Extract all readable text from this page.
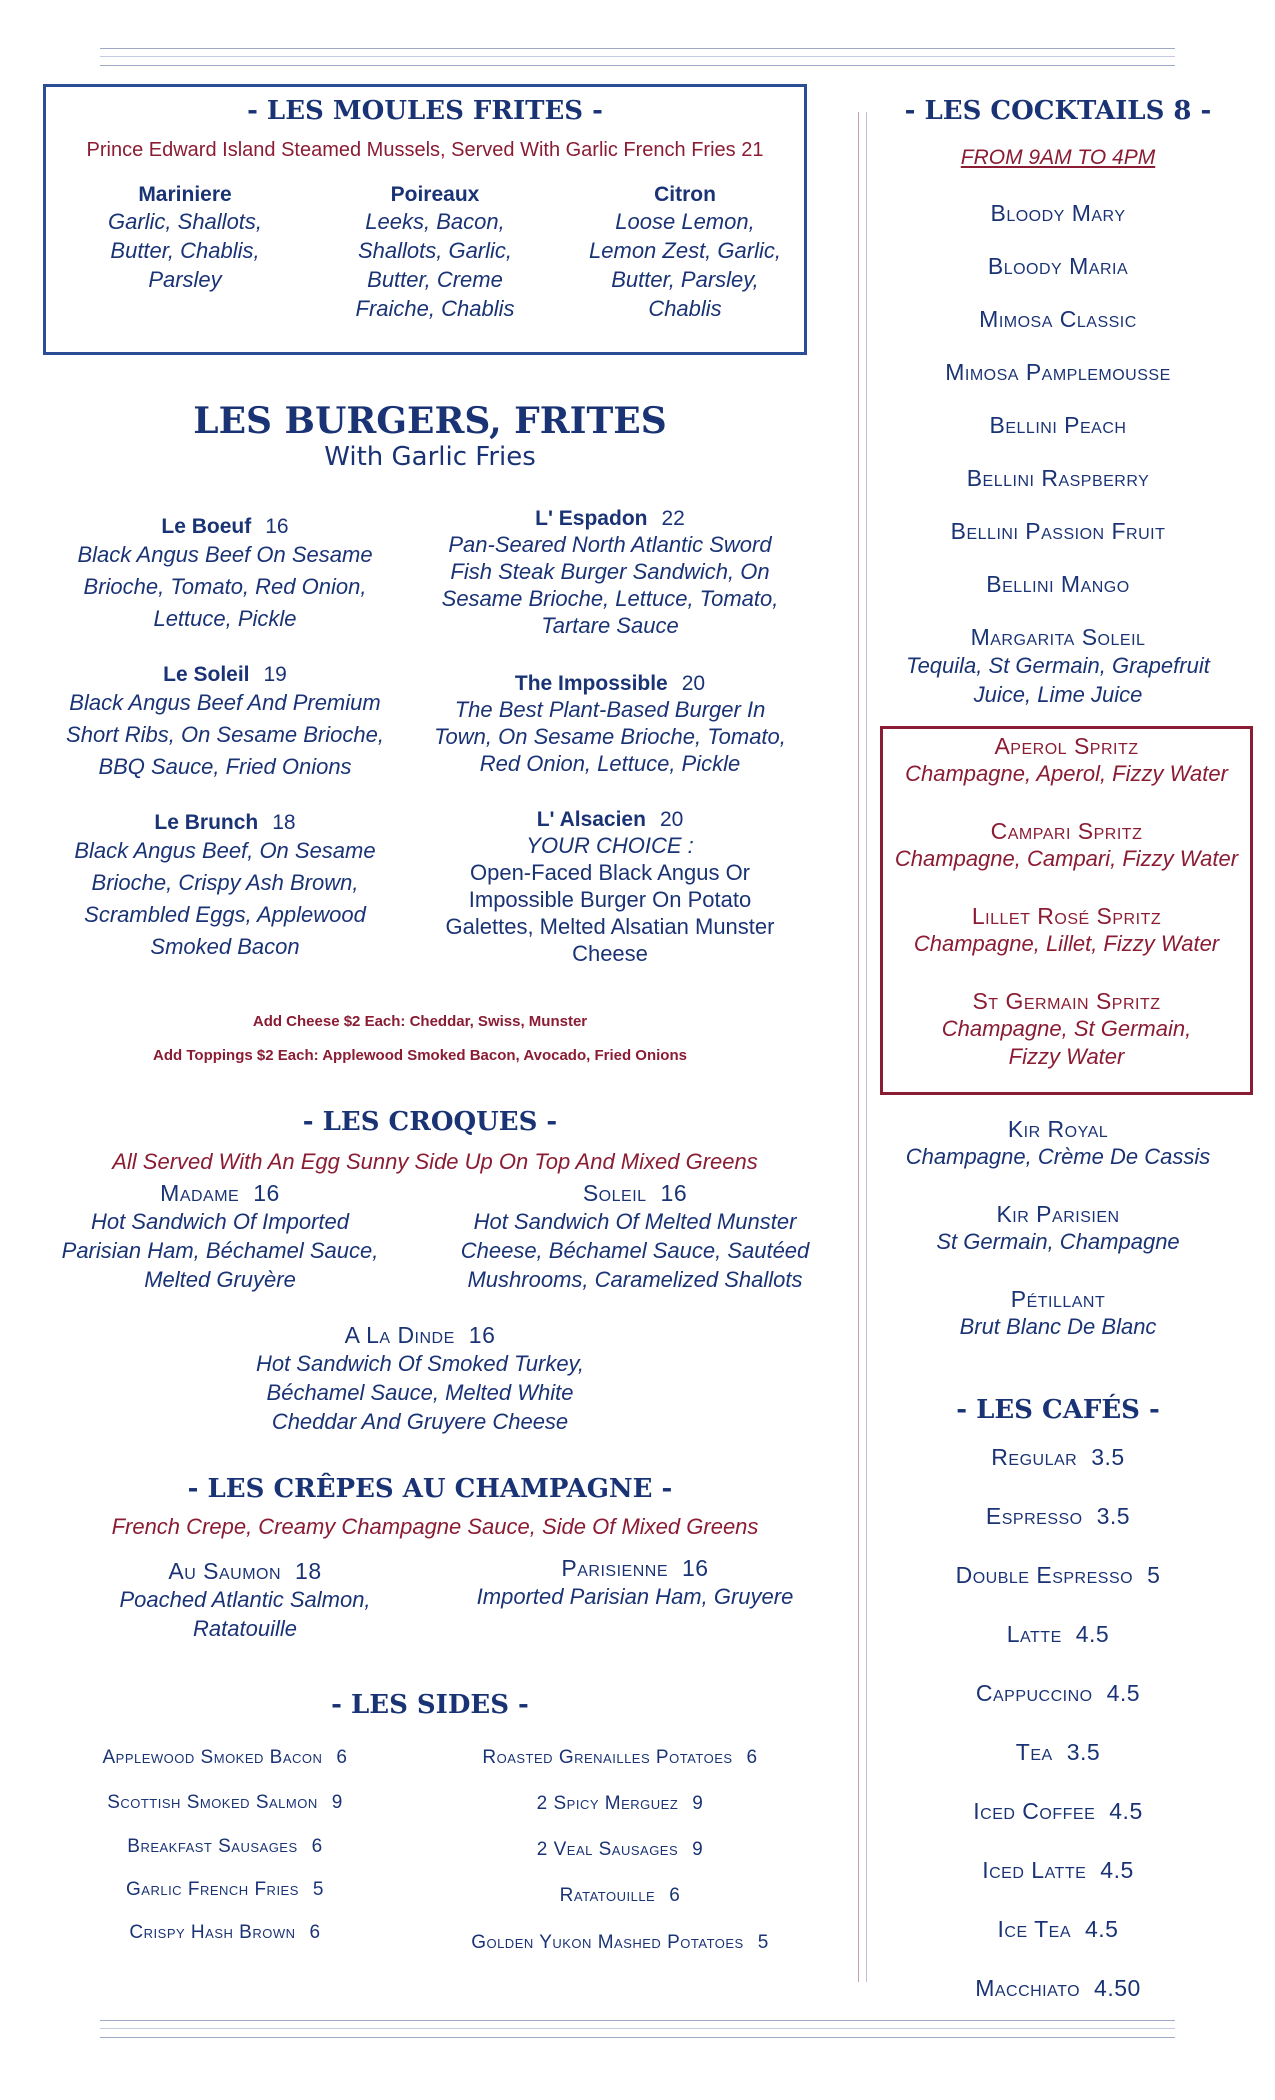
- LES MOULES FRITES -
Prince Edward Island Steamed Mussels, Served With Garlic French Fries 21
Mariniere
Garlic, Shallots, Butter, Chablis, Parsley
Poireaux
Leeks, Bacon, Shallots, Garlic, Butter, Creme Fraiche, Chablis
Citron
Loose Lemon, Lemon Zest, Garlic, Butter, Parsley, Chablis
LES BURGERS, FRITES
With Garlic Fries
Le Boeuf 16
Black Angus Beef On Sesame Brioche, Tomato, Red Onion, Lettuce, Pickle
Le Soleil 19
Black Angus Beef And Premium Short Ribs, On Sesame Brioche, BBQ Sauce, Fried Onions
Le Brunch 18
Black Angus Beef, On Sesame Brioche, Crispy Ash Brown, Scrambled Eggs, Applewood Smoked Bacon
L' Espadon 22
Pan-Seared North Atlantic Sword Fish Steak Burger Sandwich, On Sesame Brioche, Lettuce, Tomato, Tartare Sauce
The Impossible 20
The Best Plant-Based Burger In Town, On Sesame Brioche, Tomato, Red Onion, Lettuce, Pickle
L' Alsacien 20
YOUR CHOICE :
Open-Faced Black Angus Or Impossible Burger On Potato Galettes, Melted Alsatian Munster Cheese
Add Cheese $2 Each: Cheddar, Swiss, Munster
Add Toppings $2 Each: Applewood Smoked Bacon, Avocado, Fried Onions
- LES CROQUES -
All Served With An Egg Sunny Side Up On Top And Mixed Greens
Madame 16
Hot Sandwich Of Imported Parisian Ham, Béchamel Sauce, Melted Gruyère
Soleil 16
Hot Sandwich Of Melted Munster Cheese, Béchamel Sauce, Sautéed Mushrooms, Caramelized Shallots
A La Dinde 16
Hot Sandwich Of Smoked Turkey, Béchamel Sauce, Melted White Cheddar And Gruyere Cheese
- LES CRÊPES AU CHAMPAGNE -
French Crepe, Creamy Champagne Sauce, Side Of Mixed Greens
Au Saumon 18
Poached Atlantic Salmon, Ratatouille
Parisienne 16
Imported Parisian Ham, Gruyere
- LES SIDES -
Applewood Smoked Bacon 6
Scottish Smoked Salmon 9
Breakfast Sausages 6
Garlic French Fries 5
Crispy Hash Brown 6
Roasted Grenailles Potatoes 6
2 Spicy Merguez 9
2 Veal Sausages 9
Ratatouille 6
Golden Yukon Mashed Potatoes 5
- LES COCKTAILS 8 -
FROM 9AM TO 4PM
Bloody Mary
Bloody Maria
Mimosa Classic
Mimosa Pamplemousse
Bellini Peach
Bellini Raspberry
Bellini Passion Fruit
Bellini Mango
Margarita Soleil
Tequila, St Germain, Grapefruit Juice, Lime Juice
Aperol Spritz
Champagne, Aperol, Fizzy Water
Campari Spritz
Champagne, Campari, Fizzy Water
Lillet Rosé Spritz
Champagne, Lillet, Fizzy Water
St Germain Spritz
Champagne, St Germain, Fizzy Water
Kir Royal
Champagne, Crème De Cassis
Kir Parisien
St Germain, Champagne
Pétillant
Brut Blanc De Blanc
- LES CAFÉS -
Regular 3.5
Espresso 3.5
Double Espresso 5
Latte 4.5
Cappuccino 4.5
Tea 3.5
Iced Coffee 4.5
Iced Latte 4.5
Ice Tea 4.5
Macchiato 4.50
